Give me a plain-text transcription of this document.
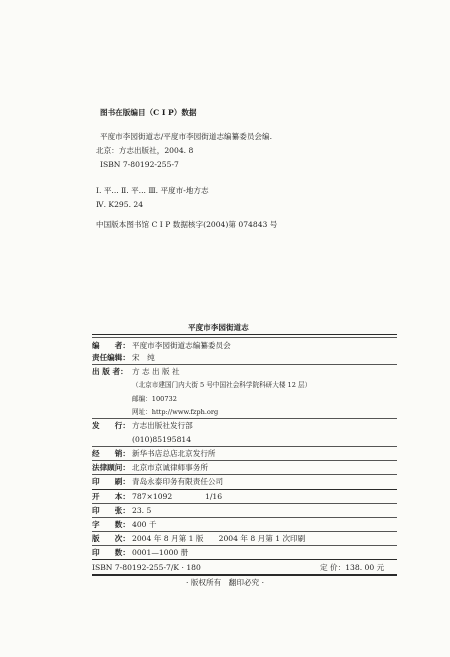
图书在版编目（C I P）数据
平度市李园街道志/平度市李园街道志编纂委员会编.
北京：方志出版社，2004. 8
ISBN 7-80192-255-7
Ⅰ. 平... Ⅱ. 平... Ⅲ. 平度市-地方志
Ⅳ. K295. 24
中国版本图书馆 C I P 数据核字(2004)第 074843 号
平度市李园街道志
编　　者： 平度市李园街道志编纂委员会
责任编辑： 宋　纯
出 版 者： 方 志 出 版 社
（北京市建国门内大街 5 号中国社会科学院科研大楼 12 层）
邮编：100732
网址：http://www.fzph.org
发　　行： 方志出版社发行部
(010)85195814
经　　销： 新华书店总店北京发行所
法律顾问： 北京市京诚律师事务所
印　　刷： 青岛永泰印务有限责任公司
开　　本： 787×1092	1/16
印　　张： 23. 5
字　　数： 400 千
版　　次： 2004 年 8 月第 1 版　　2004 年 8 月第 1 次印刷
印　　数： 0001—1000 册
ISBN 7-80192-255-7/K · 180	定 价：138. 00 元
· 版权所有　翻印必究 ·
